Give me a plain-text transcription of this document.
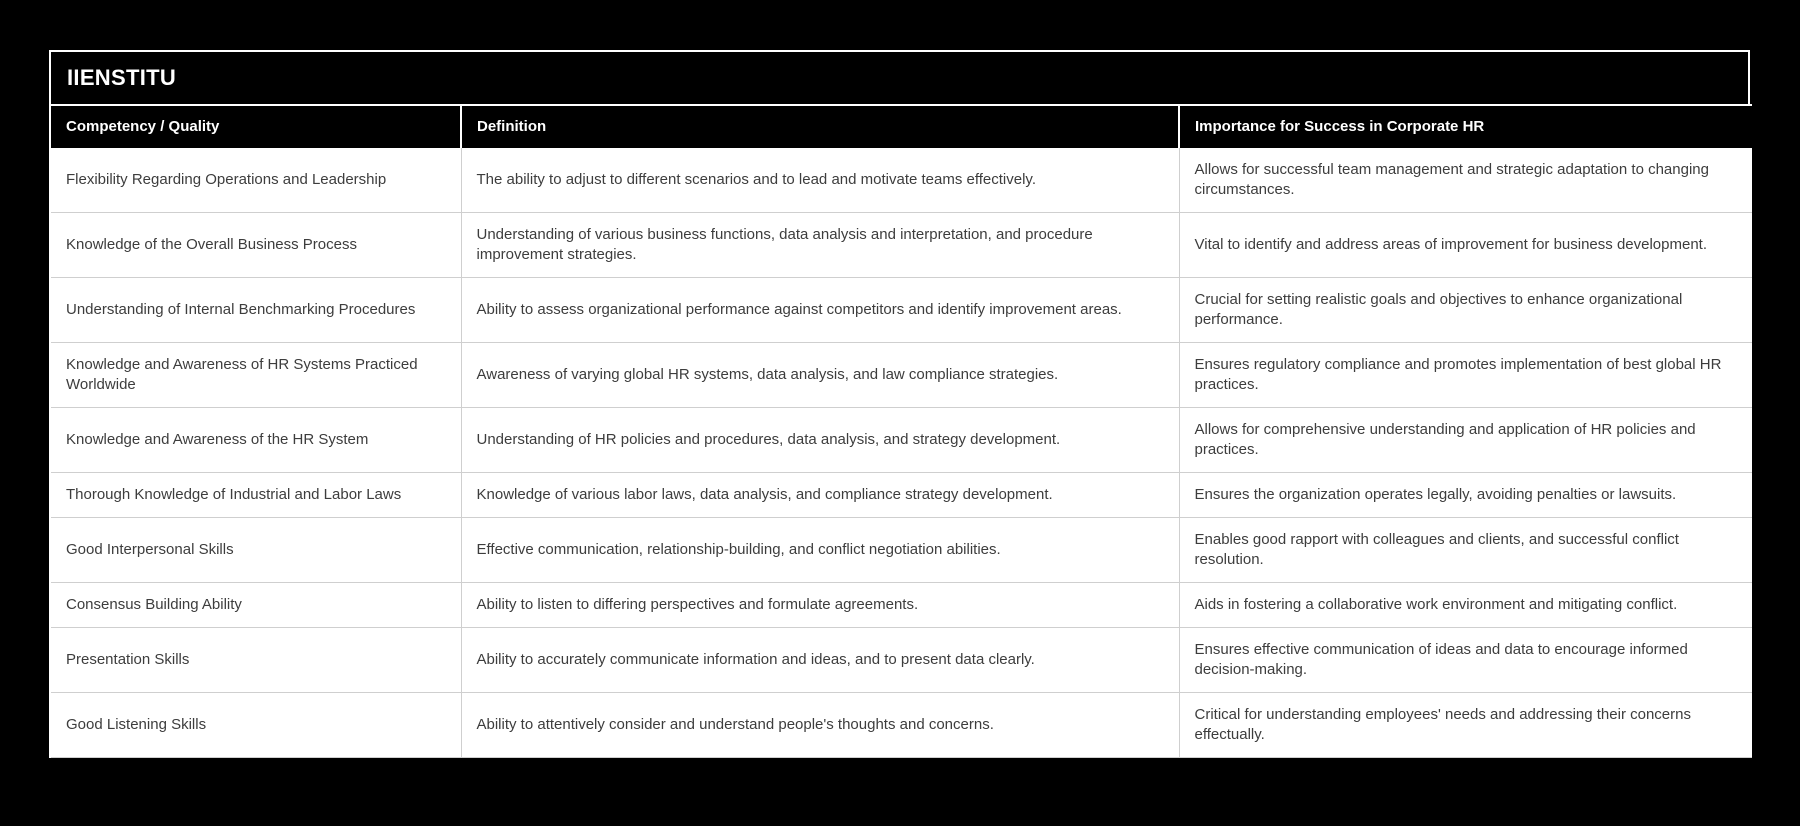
IIENSTITU
Competency / Quality	Definition	Importance for Success in Corporate HR
Flexibility Regarding Operations and Leadership	The ability to adjust to different scenarios and to lead and motivate teams effectively.	Allows for successful team management and strategic adaptation to changing circumstances.
Knowledge of the Overall Business Process	Understanding of various business functions, data analysis and interpretation, and procedure improvement strategies.	Vital to identify and address areas of improvement for business development.
Understanding of Internal Benchmarking Procedures	Ability to assess organizational performance against competitors and identify improvement areas.	Crucial for setting realistic goals and objectives to enhance organizational performance.
Knowledge and Awareness of HR Systems Practiced Worldwide	Awareness of varying global HR systems, data analysis, and law compliance strategies.	Ensures regulatory compliance and promotes implementation of best global HR practices.
Knowledge and Awareness of the HR System	Understanding of HR policies and procedures, data analysis, and strategy development.	Allows for comprehensive understanding and application of HR policies and practices.
Thorough Knowledge of Industrial and Labor Laws	Knowledge of various labor laws, data analysis, and compliance strategy development.	Ensures the organization operates legally, avoiding penalties or lawsuits.
Good Interpersonal Skills	Effective communication, relationship-building, and conflict negotiation abilities.	Enables good rapport with colleagues and clients, and successful conflict resolution.
Consensus Building Ability	Ability to listen to differing perspectives and formulate agreements.	Aids in fostering a collaborative work environment and mitigating conflict.
Presentation Skills	Ability to accurately communicate information and ideas, and to present data clearly.	Ensures effective communication of ideas and data to encourage informed decision-making.
Good Listening Skills	Ability to attentively consider and understand people's thoughts and concerns.	Critical for understanding employees' needs and addressing their concerns effectually.
